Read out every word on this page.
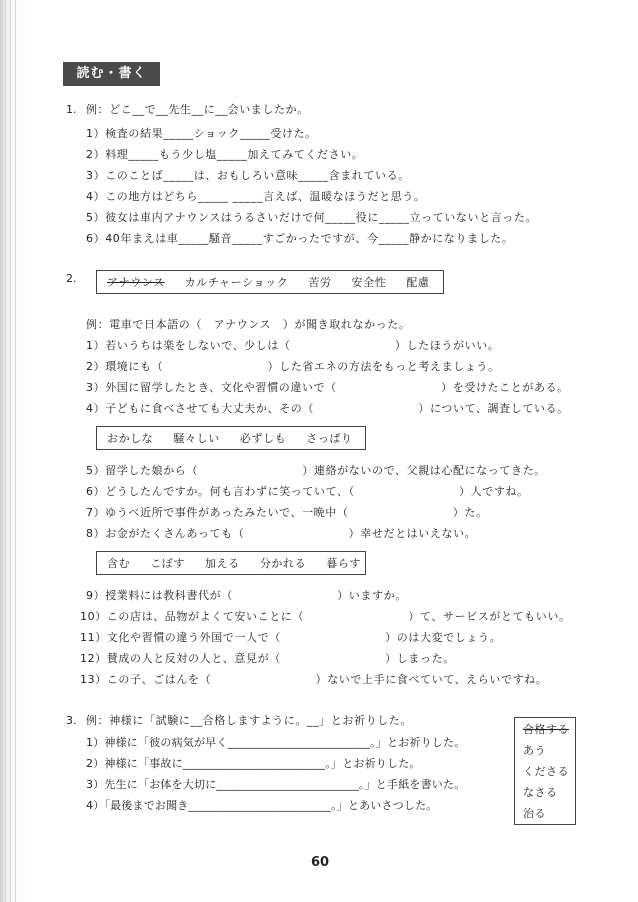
読む・書く
1. 例：どこ__で__先生__に__会いましたか。
1）検査の結果_____ショック_____受けた。
2）料理_____もう少し塩_____加えてみてください。
3）このことば_____は、おもしろい意味_____含まれている。
4）この地方はどちら_____ _____言えば、温暖なほうだと思う。
5）彼女は車内アナウンスはうるさいだけで何_____役に_____立っていないと言った。
6）40年まえは車_____騒音_____すごかったですが、今_____静かになりました。
2.	アナウンス カルチャーショック 苦労 安全性 配慮
例：電車で日本語の（　アナウンス　）が聞き取れなかった。
1）若いうちは楽をしないで、少しは（　　　　　　　　　）したほうがいい。
2）環境にも（　　　　　　　　　）した省エネの方法をもっと考えましょう。
3）外国に留学したとき、文化や習慣の違いで（　　　　　　　　　）を受けたことがある。
4）子どもに食べさせても大丈夫か、その（　　　　　　　　　）について、調査している。
おかしな 騒々しい 必ずしも さっぱり
5）留学した娘から（　　　　　　　　　）連絡がないので、父親は心配になってきた。
6）どうしたんですか。何も言わずに笑っていて、（　　　　　　　　　）人ですね。
7）ゆうべ近所で事件があったみたいで、一晩中（　　　　　　　　　）た。
8）お金がたくさんあっても（　　　　　　　　　）幸せだとはいえない。
含む こぼす 加える 分かれる 暮らす
9）授業料には教科書代が（　　　　　　　　　）いますか。
10）この店は、品物がよくて安いことに（　　　　　　　　　）て、サービスがとてもいい。
11）文化や習慣の違う外国で一人で（　　　　　　　　　）のは大変でしょう。
12）賛成の人と反対の人と、意見が（　　　　　　　　　）しまった。
13）この子、ごはんを（　　　　　　　　　）ないで上手に食べていて、えらいですね。
3. 例：神様に「試験に__合格しますように。__」とお祈りした。
1）神様に「彼の病気が早く_________________________。」とお祈りした。
2）神様に「事故に_________________________。」とお祈りした。
3）先生に「お体を大切に_________________________。」と手紙を書いた。
4）「最後までお聞き_________________________。」とあいさつした。
合格する
あう
くださる
なさる
治る
60
